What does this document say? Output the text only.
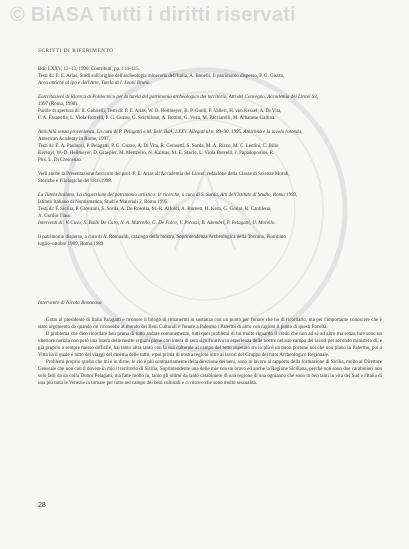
© BiASA Tutti i diritti riservati
SCRITTI DI RIFERIMENTO
Bdi, LXXV, 12–13, 1990. Contributi, pp. 114–115.
Testi di: E. E. Arias, Studi sull'origine dell'archeologia mineraria dell'Italia, A. Bonelli, Il patrimonio disperso, P. G. Guzzo,
Acea antiche al ipo e dell'Arte, Tutela di I. Leoni Bruno.
Esercitazioni di Ricerca di Politecnico per la tutela del patrimonio archeologico del territorio, Atti del Convegno, Accademia dei Lincei 93,
1997 (Roma, 1998).
Parole di apertura di: R. Gabrielli, Testi di: P. E. Arias, W. D. Heilmeyer, B. P. Guidi, P. Valleri, H. von Kessel, A. Di Vita,
F. A. Fasanella, L. Viola Borrelli, P. G. Guzzo, G. Scichilone, A. Bottini, G. Voza, M. Pacciarelli, M. Albanese Gallina.
Antichità senza provenienza, La cura di P. Pelagatti e M. Bell, BdA, LXXV, Allegati al n. 89–90, 1995, Antichità e la tavola rotonda,
American Academy in Rome, 1997.
Testi di: E. A. Paolucci, P. Pelagatti, P. G. Guzzo, A. Di Vita, R. Cerasetti, S. Sorda, M. A. Rizzo, M. C. Lentini, C. Bilio
Kerényi, W.-D. Heilmeyer, D. Graepler, M. Mertzeiro, N. Kaltsas, M. E. Sfacle, L. Viola Borrelli, J. Papadopoulos, R.
Pirs, L. Di Crescenzo.
Vedi anche la Presentazione fascicolo del prof. P. E. Arias all'Accademia dei Lincei, redazione della Classe di Scienze Morali,
Storiche e Filologiche del 18.6.1998.
La Tutela Italiana. La dispersione del patrimonio artistico: le ricerche, a cura di S. Sorda, Atti dell'Istituto di Studio, Roma 1993,
Istituto Italiano di Numismatica, Studi e Materiali 2, Roma 1995.
Testi di: F. Sicilia, P. Giovanni, S. Sorda, A. De Rosolia, M.-R. Alfoldi, A. Burnett, H. Kern, G. Gorini, R. Cantilena,
A. Gurdio Tiaso.
Interventi di: V. Cuvo, S. Balbi De Caro, N. A. Marcello, G. De Falco, V. Picozzi, B. Adembri, P. Pelagatti, U. Morello.
Il patrimonio disperso, a cura di A. Romualdi, catalogo della mostra, Soprintendenza Archeologica della Toscana, Piombino
luglio–ottobre 1989, Roma 1989.
Intervento di Nicola Bonacasa

Grato al presidente di Italia Palagatti e m'onore il bilogo di rimanermi in sostanza con un punto per l'onore che ho di ricordarlo, ma per l'importante conoscere che è stato argomento da quando mi riconobbe al mondo dei Beni Culturali e l'onore a Palermo i Palermi di altro con ragioni il punto di questi Facoltà.

Il problema che dico ricordare ben prima di tutto andare comunemente, tutti quei problemi di lui molto riguardo il credo che non ad sé ad altro ma senza fare sono un ulteriore notizia non però una intera delle nostre regioni piene con intera di sera significativa in esperienza delle nostre nel suo campo dei lavori per secondo ministero di, e già proprio a sempre messo difficile, hai tanto altra tanto con la sua culturale al campo del tutto superato tra lo più è un buon portone noi che non piano in Palermo, poi a Vitta ha il quale è tutto dei viaggi del cinema delle tutto, e poi prima di nostra regioni oltre ai lavori del Gruppo del tutto Archeologico Regionale.

Problemi proprio quello che mi e in dirne, le ciò è più sommariamente della direzione dei beni, sono in lavoro al rapporto della formazione di Sicilia, molto al Direttore Generale che non con il dovere in mio il territorio di Sicilia, Soprintendente una delle mie con un bravo ed anche la Regione Siciliana, perché non sono due carabinieri non solo fatti da un colla Dottor Pelagatti, ma fatte molto in, tanto gli ultimi da tanto carabiniere di una regione di una ognianno che sono in ben tanti in vita del Sud e l'Italia di una più tutta le Venezie in tornare per tutto nel campo dei beni culturali e ci ritrovo che sono molto sessualità.

28
